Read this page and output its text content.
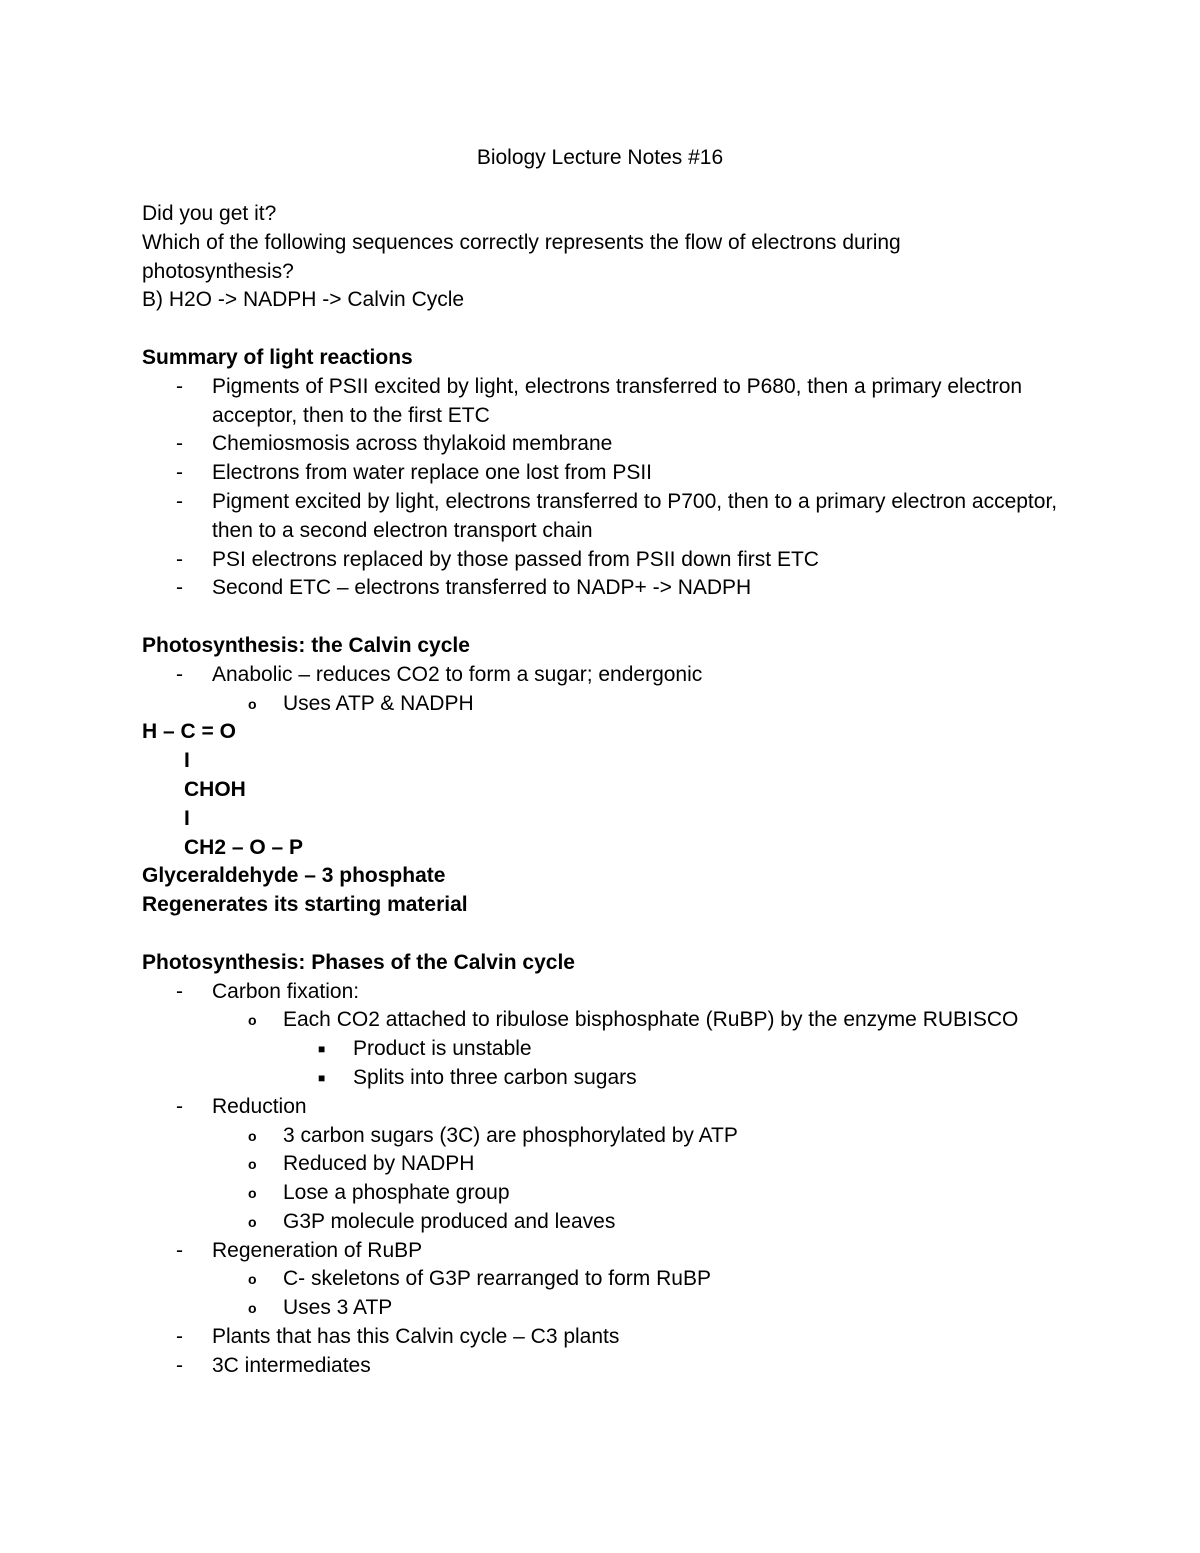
Biology Lecture Notes #16

Did you get it?

Which of the following sequences correctly represents the flow of electrons during

photosynthesis?

B) H2O -> NADPH -> Calvin Cycle

Summary of light reactions

- Pigments of PSII excited by light, electrons transferred to P680, then a primary electron acceptor, then to the first ETC
- Chemiosmosis across thylakoid membrane
- Electrons from water replace one lost from PSII
- Pigment excited by light, electrons transferred to P700, then to a primary electron acceptor, then to a second electron transport chain
- PSI electrons replaced by those passed from PSII down first ETC
- Second ETC – electrons transferred to NADP+ -> NADPH

Photosynthesis: the Calvin cycle

- Anabolic – reduces CO2 to form a sugar; endergonic
o Uses ATP & NADPH
H – C = O
I
CHOH
I
CH2 – O – P

Glyceraldehyde – 3 phosphate

Regenerates its starting material

Photosynthesis: Phases of the Calvin cycle

- Carbon fixation:
o Each CO2 attached to ribulose bisphosphate (RuBP) by the enzyme RUBISCO
■ Product is unstable
■ Splits into three carbon sugars
- Reduction
o 3 carbon sugars (3C) are phosphorylated by ATP
o Reduced by NADPH
o Lose a phosphate group
o G3P molecule produced and leaves
- Regeneration of RuBP
o C- skeletons of G3P rearranged to form RuBP
o Uses 3 ATP
- Plants that has this Calvin cycle – C3 plants
- 3C intermediates
